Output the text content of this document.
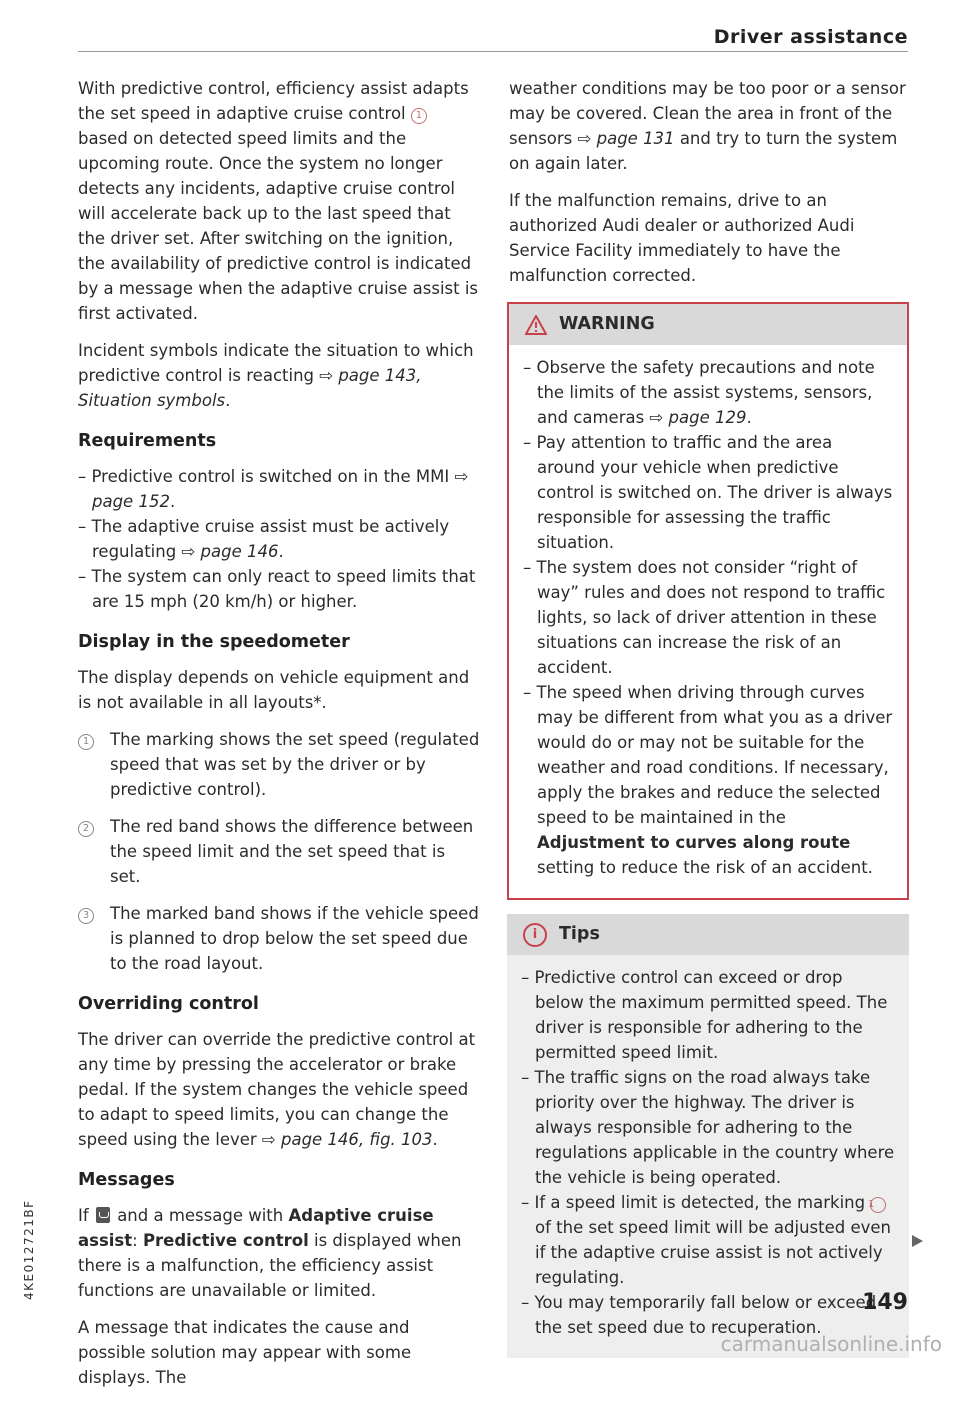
Driver assistance

With predictive control, efficiency assist adapts the set speed in adaptive cruise control 1 based on detected speed limits and the upcoming route. Once the system no longer detects any incidents, adaptive cruise control will accelerate back up to the last speed that the driver set. After switching on the ignition, the availability of predictive control is indicated by a message when the adaptive cruise assist is first activated.

Incident symbols indicate the situation to which predictive control is reacting ⇨ page 143, Situation symbols.

Requirements
– Predictive control is switched on in the MMI ⇨ page 152.
– The adaptive cruise assist must be actively regulating ⇨ page 146.
– The system can only react to speed limits that are 15 mph (20 km/h) or higher.
Display in the speedometer

The display depends on vehicle equipment and is not available in all layouts*.

1	The marking shows the set speed (regulated speed that was set by the driver or by predictive control).
2	The red band shows the difference between the speed limit and the set speed that is set.
3	The marked band shows if the vehicle speed is planned to drop below the set speed due to the road layout.
Overriding control

The driver can override the predictive control at any time by pressing the accelerator or brake pedal. If the system changes the vehicle speed to adapt to speed limits, you can change the speed using the lever ⇨ page 146, fig. 103.

Messages

If and a message with Adaptive cruise assist: Predictive control is displayed when there is a malfunction, the efficiency assist functions are unavailable or limited.

A message that indicates the cause and possible solution may appear with some displays. The

weather conditions may be too poor or a sensor may be covered. Clean the area in front of the sensors ⇨ page 131 and try to turn the system on again later.

If the malfunction remains, drive to an authorized Audi dealer or authorized Audi Service Facility immediately to have the malfunction corrected.

WARNING
– Observe the safety precautions and note the limits of the assist systems, sensors, and cameras ⇨ page 129.
– Pay attention to traffic and the area around your vehicle when predictive control is switched on. The driver is always responsible for assessing the traffic situation.
– The system does not consider “right of way” rules and does not respond to traffic lights, so lack of driver attention in these situations can increase the risk of an accident.
– The speed when driving through curves may be different from what you as a driver would do or may not be suitable for the weather and road conditions. If necessary, apply the brakes and reduce the selected speed to be maintained in the Adjustment to curves along route setting to reduce the risk of an accident.
i	Tips
– Predictive control can exceed or drop below the maximum permitted speed. The driver is responsible for adhering to the permitted speed limit.
– The traffic signs on the road always take priority over the highway. The driver is always responsible for adhering to the regulations applicable in the country where the vehicle is being operated.
– If a speed limit is detected, the marking 1 of the set speed limit will be adjusted even if the adaptive cruise assist is not actively regulating.
– You may temporarily fall below or exceed the set speed due to recuperation.
4KE012721BF
149
carmanualsonline.info
